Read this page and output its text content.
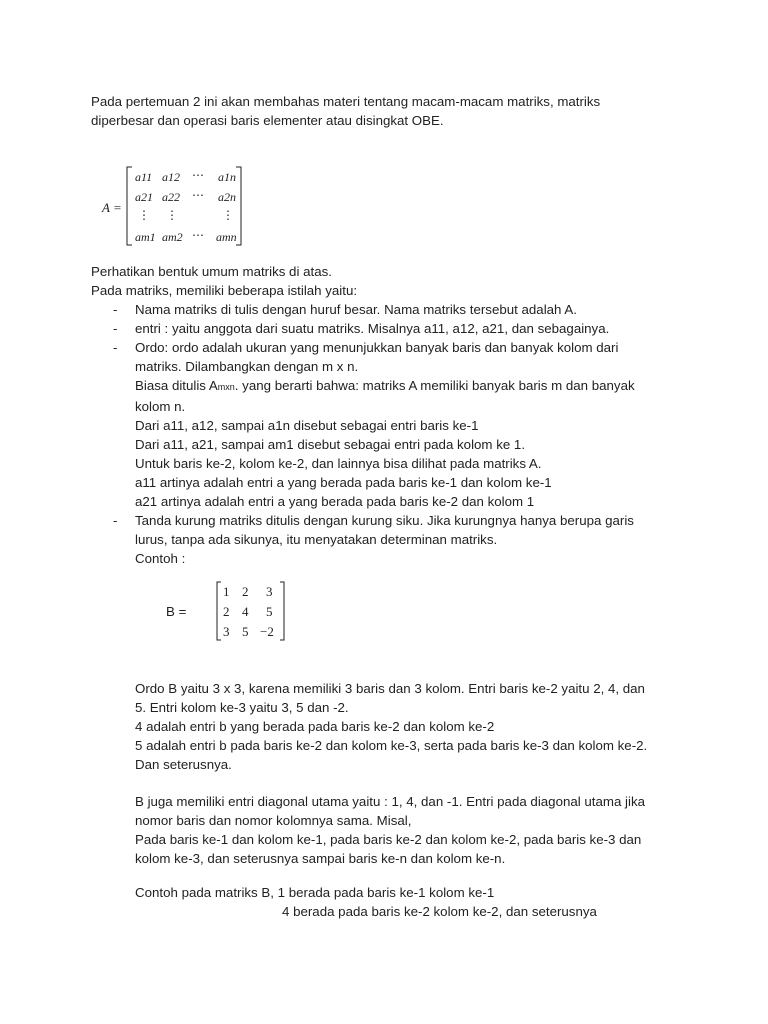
Pada pertemuan 2 ini akan membahas materi tentang macam-macam matriks, matriks
diperbesar dan operasi baris elementer atau disingkat OBE.
A =
a11 a12 ⋯ a1n
a21 a22 ⋯ a2n
⋮ ⋮	⋮
am1 am2 ⋯ amn
Perhatikan bentuk umum matriks di atas.
Pada matriks, memiliki beberapa istilah yaitu:
- Nama matriks di tulis dengan huruf besar. Nama matriks tersebut adalah A.
- entri : yaitu anggota dari suatu matriks. Misalnya a11, a12, a21, dan sebagainya.
- Ordo: ordo adalah ukuran yang menunjukkan banyak baris dan banyak kolom dari
matriks. Dilambangkan dengan m x n.
Biasa ditulis Amxn. yang berarti bahwa: matriks A memiliki banyak baris m dan banyak
kolom n.
Dari a11, a12, sampai a1n disebut sebagai entri baris ke-1
Dari a11, a21, sampai am1 disebut sebagai entri pada kolom ke 1.
Untuk baris ke-2, kolom ke-2, dan lainnya bisa dilihat pada matriks A.
a11 artinya adalah entri a yang berada pada baris ke-1 dan kolom ke-1
a21 artinya adalah entri a yang berada pada baris ke-2 dan kolom 1
- Tanda kurung matriks ditulis dengan kurung siku. Jika kurungnya hanya berupa garis
lurus, tanpa ada sikunya, itu menyatakan determinan matriks.
Contoh :
B =
1 2 3
2 4 5
3 5 −2
Ordo B yaitu 3 x 3, karena memiliki 3 baris dan 3 kolom. Entri baris ke-2 yaitu 2, 4, dan
5. Entri kolom ke-3 yaitu 3, 5 dan -2.
4 adalah entri b yang berada pada baris ke-2 dan kolom ke-2
5 adalah entri b pada baris ke-2 dan kolom ke-3, serta pada baris ke-3 dan kolom ke-2.
Dan seterusnya.
B juga memiliki entri diagonal utama yaitu : 1, 4, dan -1. Entri pada diagonal utama jika
nomor baris dan nomor kolomnya sama. Misal,
Pada baris ke-1 dan kolom ke-1, pada baris ke-2 dan kolom ke-2, pada baris ke-3 dan
kolom ke-3, dan seterusnya sampai baris ke-n dan kolom ke-n.
Contoh pada matriks B, 1 berada pada baris ke-1 kolom ke-1
4 berada pada baris ke-2 kolom ke-2, dan seterusnya
